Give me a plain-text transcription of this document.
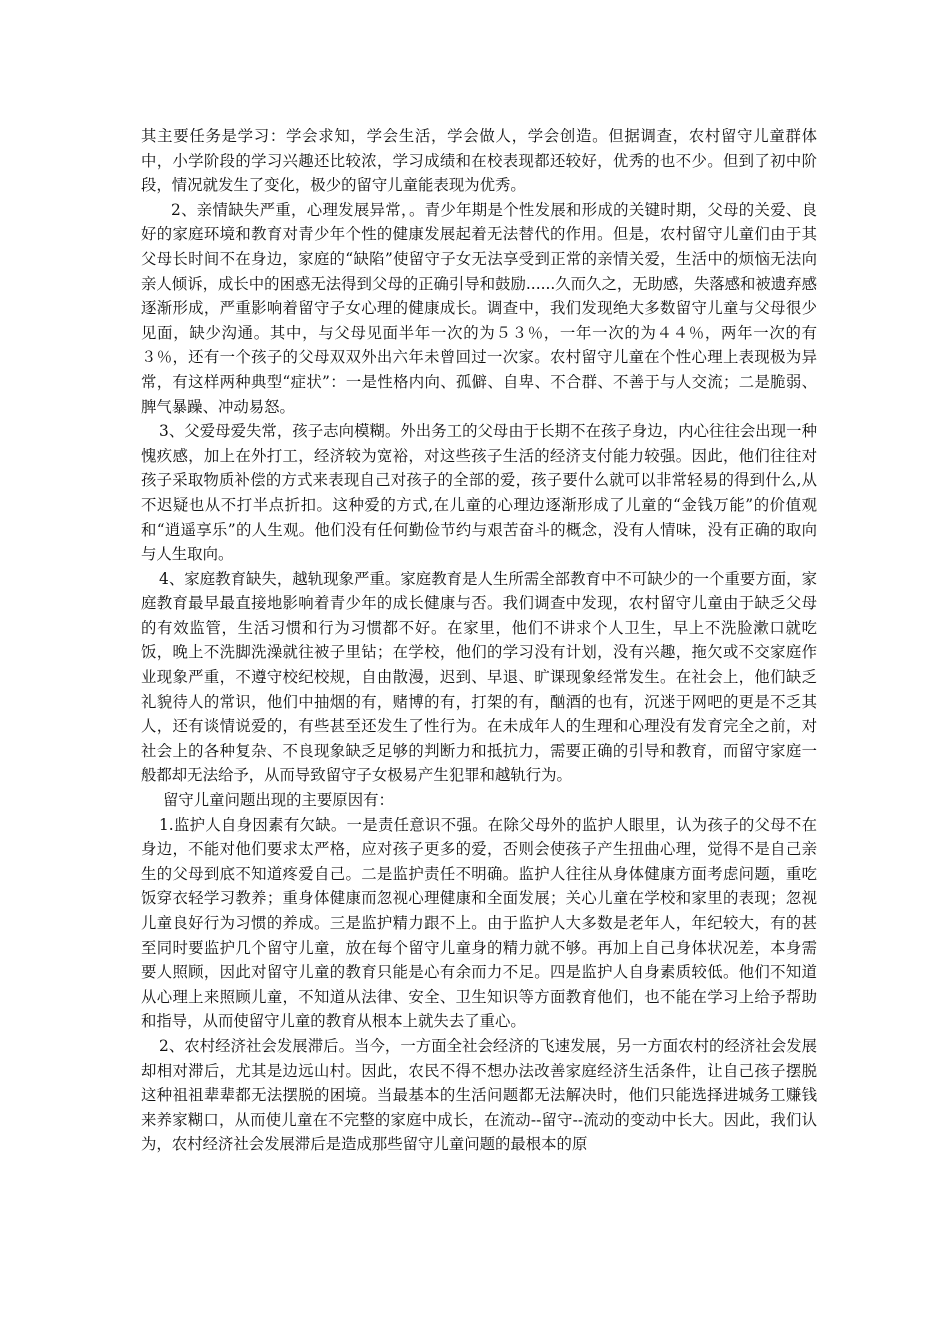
其主要任务是学习：学会求知，学会生活，学会做人，学会创造。但据调查，农村留守儿童群体中，小学阶段的学习兴趣还比较浓，学习成绩和在校表现都还较好，优秀的也不少。但到了初中阶段，情况就发生了变化，极少的留守儿童能表现为优秀。

2、亲情缺失严重，心理发展异常，。青少年期是个性发展和形成的关键时期，父母的关爱、良好的家庭环境和教育对青少年个性的健康发展起着无法替代的作用。但是，农村留守儿童们由于其父母长时间不在身边，家庭的“缺陷”使留守子女无法享受到正常的亲情关爱，生活中的烦恼无法向亲人倾诉，成长中的困惑无法得到父母的正确引导和鼓励......久而久之，无助感，失落感和被遗弃感逐渐形成，严重影响着留守子女心理的健康成长。调查中，我们发现绝大多数留守儿童与父母很少见面，缺少沟通。其中，与父母见面半年一次的为５３％，一年一次的为４４％，两年一次的有３％，还有一个孩子的父母双双外出六年未曾回过一次家。农村留守儿童在个性心理上表现极为异常，有这样两种典型“症状”：一是性格内向、孤僻、自卑、不合群、不善于与人交流；二是脆弱、脾气暴躁、冲动易怒。

3、父爱母爱失常，孩子志向模糊。外出务工的父母由于长期不在孩子身边，内心往往会出现一种愧疚感，加上在外打工，经济较为宽裕，对这些孩子生活的经济支付能力较强。因此，他们往往对孩子采取物质补偿的方式来表现自己对孩子的全部的爱，孩子要什么就可以非常轻易的得到什么,从不迟疑也从不打半点折扣。这种爱的方式,在儿童的心理边逐渐形成了儿童的“金钱万能”的价值观和“逍遥享乐”的人生观。他们没有任何勤俭节约与艰苦奋斗的概念，没有人情味，没有正确的取向与人生取向。

4、家庭教育缺失，越轨现象严重。家庭教育是人生所需全部教育中不可缺少的一个重要方面，家庭教育最早最直接地影响着青少年的成长健康与否。我们调查中发现，农村留守儿童由于缺乏父母的有效监管，生活习惯和行为习惯都不好。在家里，他们不讲求个人卫生，早上不洗脸漱口就吃饭，晚上不洗脚洗澡就往被子里钻；在学校，他们的学习没有计划，没有兴趣，拖欠或不交家庭作业现象严重，不遵守校纪校规，自由散漫，迟到、早退、旷课现象经常发生。在社会上，他们缺乏礼貌待人的常识，他们中抽烟的有，赌博的有，打架的有，酗酒的也有，沉迷于网吧的更是不乏其人，还有谈情说爱的，有些甚至还发生了性行为。在未成年人的生理和心理没有发育完全之前，对社会上的各种复杂、不良现象缺乏足够的判断力和抵抗力，需要正确的引导和教育，而留守家庭一般都却无法给予，从而导致留守子女极易产生犯罪和越轨行为。

留守儿童问题出现的主要原因有：

1.监护人自身因素有欠缺。一是责任意识不强。在除父母外的监护人眼里，认为孩子的父母不在身边，不能对他们要求太严格，应对孩子更多的爱，否则会使孩子产生扭曲心理，觉得不是自己亲生的父母到底不知道疼爱自己。二是监护责任不明确。监护人往往从身体健康方面考虑问题，重吃饭穿衣轻学习教养；重身体健康而忽视心理健康和全面发展；关心儿童在学校和家里的表现；忽视儿童良好行为习惯的养成。三是监护精力跟不上。由于监护人大多数是老年人，年纪较大，有的甚至同时要监护几个留守儿童，放在每个留守儿童身的精力就不够。再加上自己身体状况差，本身需要人照顾，因此对留守儿童的教育只能是心有余而力不足。四是监护人自身素质较低。他们不知道从心理上来照顾儿童，不知道从法律、安全、卫生知识等方面教育他们，也不能在学习上给予帮助和指导，从而使留守儿童的教育从根本上就失去了重心。

2、农村经济社会发展滞后。当今，一方面全社会经济的飞速发展，另一方面农村的经济社会发展却相对滞后，尤其是边远山村。因此，农民不得不想办法改善家庭经济生活条件，让自己孩子摆脱这种祖祖辈辈都无法摆脱的困境。当最基本的生活问题都无法解决时，他们只能选择进城务工赚钱来养家糊口，从而使儿童在不完整的家庭中成长，在流动--留守--流动的变动中长大。因此，我们认为，农村经济社会发展滞后是造成那些留守儿童问题的最根本的原
